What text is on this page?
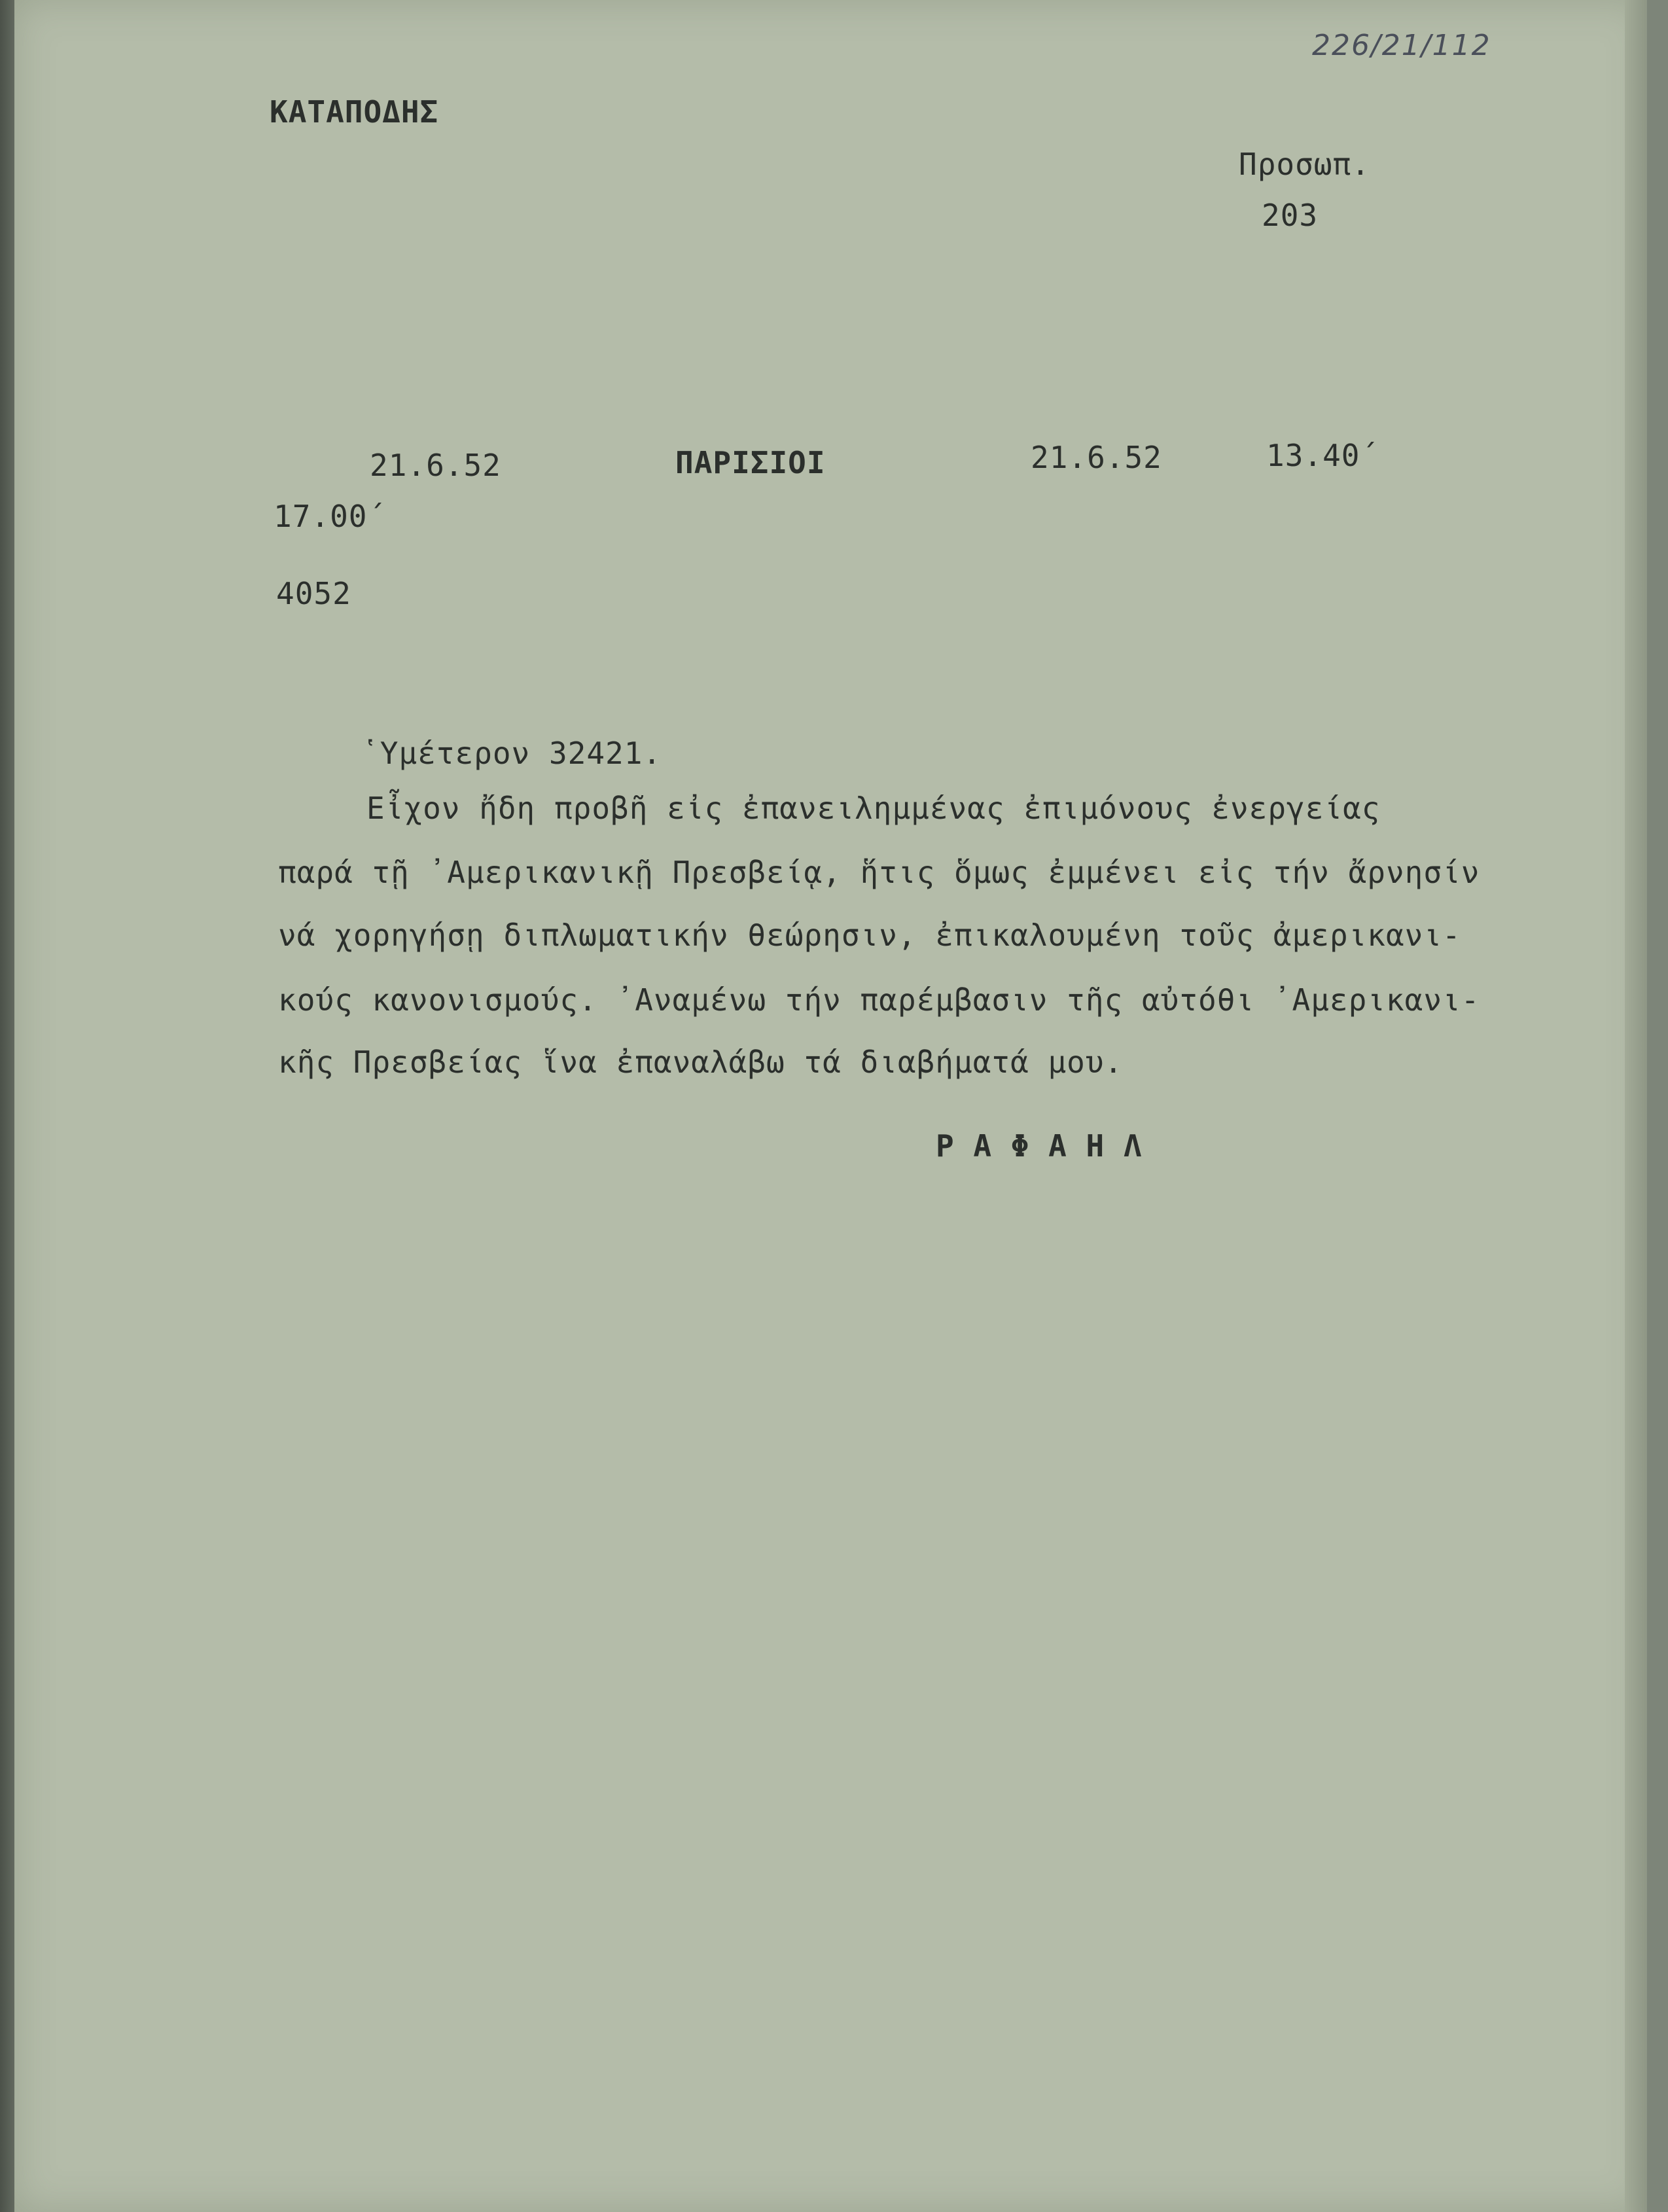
226/21/112
ΚΑΤΑΠΟΔΗΣ
Προσωπ.
203
21.6.52	ΠΑΡΙΣΙΟΙ	21.6.52	13.40΄
17.00΄
4052
῾Υμέτερον 32421.
Εἶχον ἤδη προβῆ εἰς ἐπανειλημμένας ἐπιμόνους ἐνεργείας
παρά τῇ ᾿Αμερικανικῇ Πρεσβείᾳ, ἥτις ὅμως ἐμμένει εἰς τήν ἄρνησίν
νά χορηγήσῃ διπλωματικήν θεώρησιν, ἐπικαλουμένη τοῦς ἀμερικανι-
κούς κανονισμούς. ᾿Αναμένω τήν παρέμβασιν τῆς αὐτόθι ᾿Αμερικανι-
κῆς Πρεσβείας ἵνα ἐπαναλάβω τά διαβήματά μου.
Ρ Α Φ Α Η Λ
